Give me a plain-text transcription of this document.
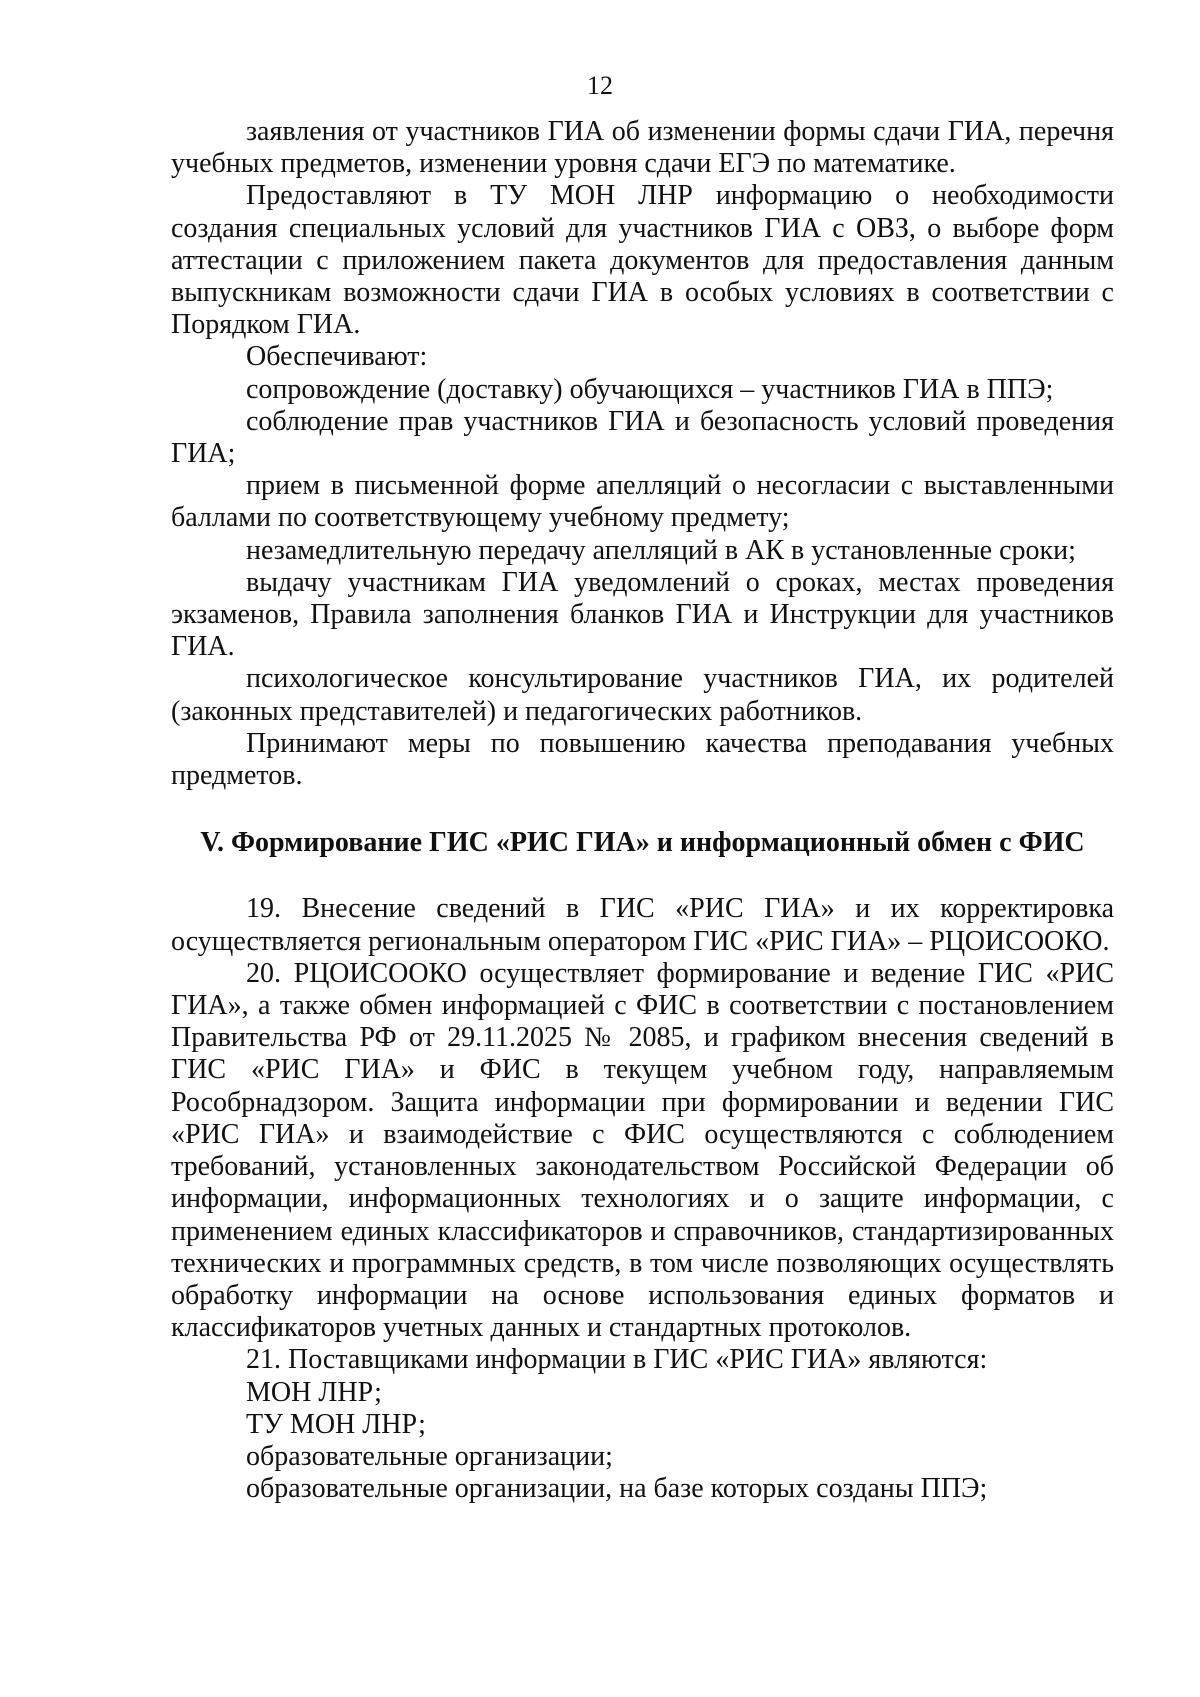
12

заявления от участников ГИА об изменении формы сдачи ГИА, перечня учебных предметов, изменении уровня сдачи ЕГЭ по математике.

Предоставляют в ТУ МОН ЛНР информацию о необходимости создания специальных условий для участников ГИА с ОВЗ, о выборе форм аттестации с приложением пакета документов для предоставления данным выпускникам возможности сдачи ГИА в особых условиях в соответствии с Порядком ГИА.

Обеспечивают:

сопровождение (доставку) обучающихся – участников ГИА в ППЭ;

соблюдение прав участников ГИА и безопасность условий проведения ГИА;

прием в письменной форме апелляций о несогласии с выставленными баллами по соответствующему учебному предмету;

незамедлительную передачу апелляций в АК в установленные сроки;

выдачу участникам ГИА уведомлений о сроках, местах проведения экзаменов, Правила заполнения бланков ГИА и Инструкции для участников ГИА.

психологическое консультирование участников ГИА, их родителей (законных представителей) и педагогических работников.

Принимают меры по повышению качества преподавания учебных предметов.

V. Формирование ГИС «РИС ГИА» и информационный обмен с ФИС

19. Внесение сведений в ГИС «РИС ГИА» и их корректировка осуществляется региональным оператором ГИС «РИС ГИА» – РЦОИСООКО.

20. РЦОИСООКО осуществляет формирование и ведение ГИС «РИС ГИА», а также обмен информацией с ФИС в соответствии с постановлением Правительства РФ от 29.11.2025 № 2085, и графиком внесения сведений в ГИС «РИС ГИА» и ФИС в текущем учебном году, направляемым Рособрнадзором. Защита информации при формировании и ведении ГИС «РИС ГИА» и взаимодействие с ФИС осуществляются с соблюдением требований, установленных законодательством Российской Федерации об информации, информационных технологиях и о защите информации, с применением единых классификаторов и справочников, стандартизированных технических и программных средств, в том числе позволяющих осуществлять обработку информации на основе использования единых форматов и классификаторов учетных данных и стандартных протоколов.

21. Поставщиками информации в ГИС «РИС ГИА» являются:

МОН ЛНР;

ТУ МОН ЛНР;

образовательные организации;

образовательные организации, на базе которых созданы ППЭ;
